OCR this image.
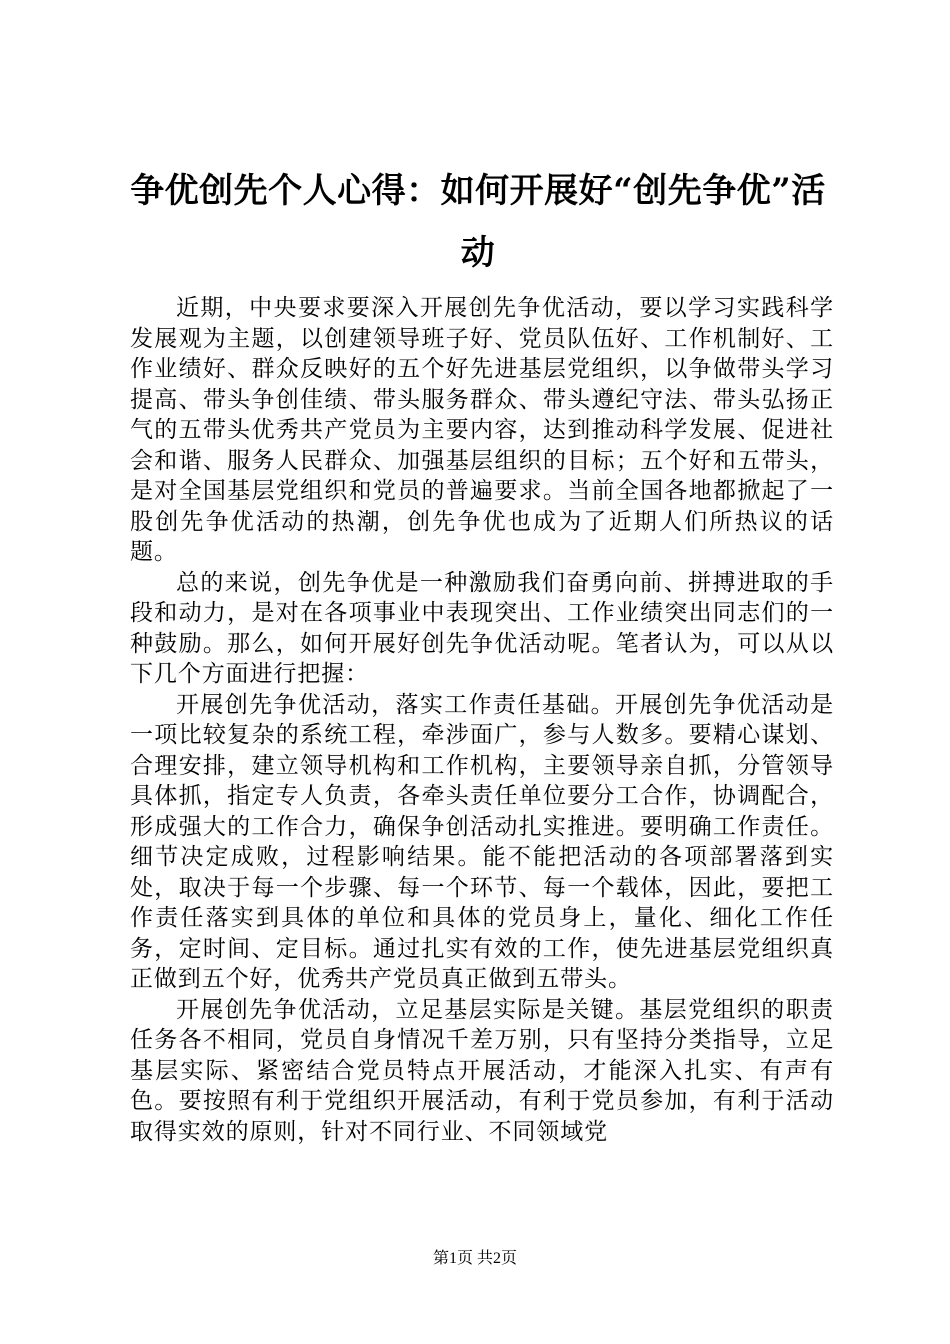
争优创先个人心得：如何开展好“创先争优”活动

近期，中央要求要深入开展创先争优活动，要以学习实践科学发展观为主题，以创建领导班子好、党员队伍好、工作机制好、工作业绩好、群众反映好的五个好先进基层党组织，以争做带头学习提高、带头争创佳绩、带头服务群众、带头遵纪守法、带头弘扬正气的五带头优秀共产党员为主要内容，达到推动科学发展、促进社会和谐、服务人民群众、加强基层组织的目标；五个好和五带头，是对全国基层党组织和党员的普遍要求。当前全国各地都掀起了一股创先争优活动的热潮，创先争优也成为了近期人们所热议的话题。

总的来说，创先争优是一种激励我们奋勇向前、拼搏进取的手段和动力，是对在各项事业中表现突出、工作业绩突出同志们的一种鼓励。那么，如何开展好创先争优活动呢。笔者认为，可以从以下几个方面进行把握：

开展创先争优活动，落实工作责任基础。开展创先争优活动是一项比较复杂的系统工程，牵涉面广，参与人数多。要精心谋划、合理安排，建立领导机构和工作机构，主要领导亲自抓，分管领导具体抓，指定专人负责，各牵头责任单位要分工合作，协调配合，形成强大的工作合力，确保争创活动扎实推进。要明确工作责任。细节决定成败，过程影响结果。能不能把活动的各项部署落到实处，取决于每一个步骤、每一个环节、每一个载体，因此，要把工作责任落实到具体的单位和具体的党员身上，量化、细化工作任务，定时间、定目标。通过扎实有效的工作，使先进基层党组织真正做到五个好，优秀共产党员真正做到五带头。

开展创先争优活动，立足基层实际是关键。基层党组织的职责任务各不相同，党员自身情况千差万别，只有坚持分类指导，立足基层实际、紧密结合党员特点开展活动，才能深入扎实、有声有色。要按照有利于党组织开展活动，有利于党员参加，有利于活动取得实效的原则，针对不同行业、不同领域党

第1页 共2页
